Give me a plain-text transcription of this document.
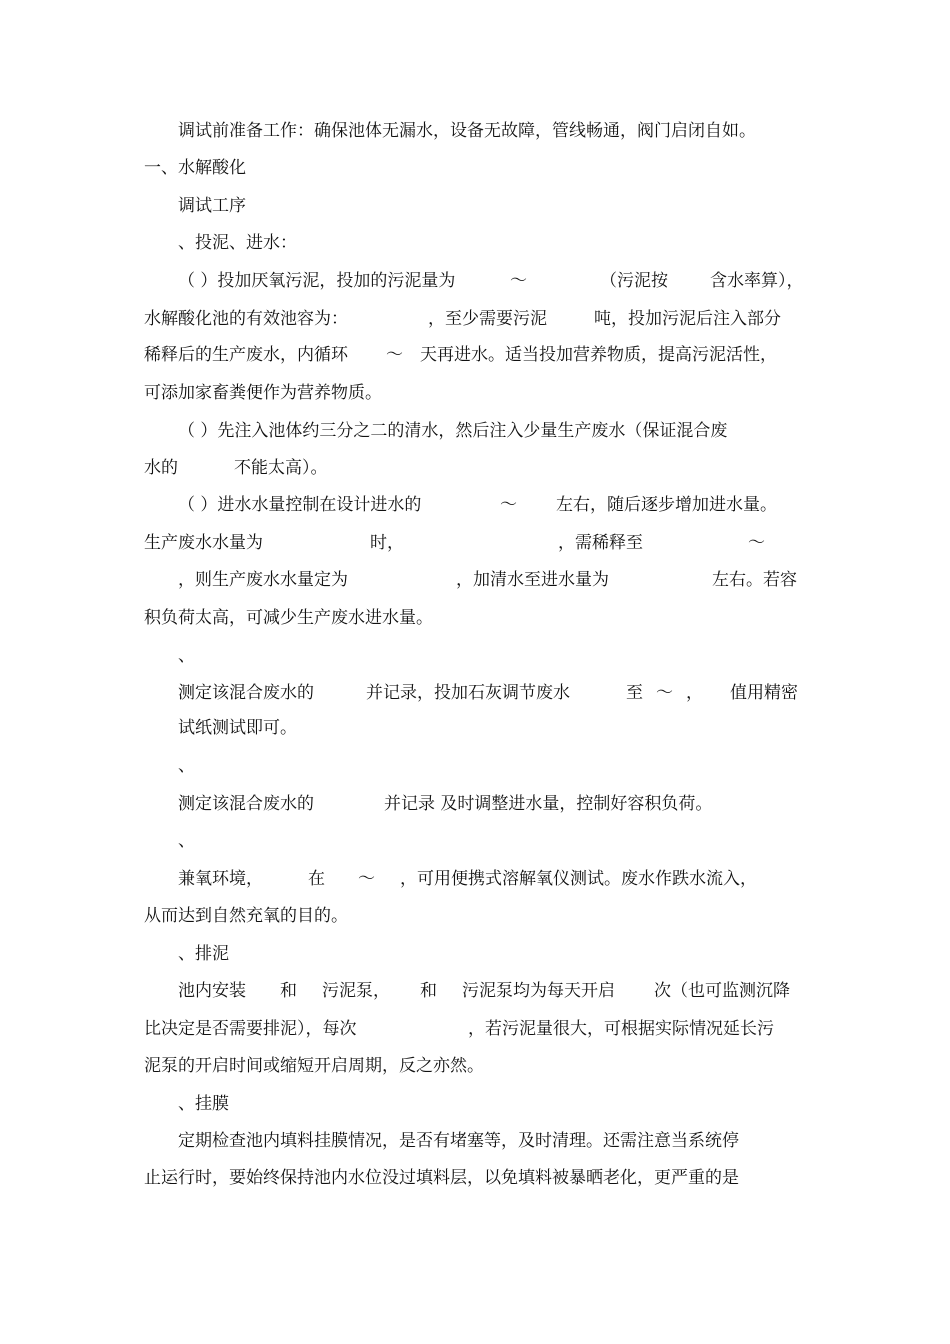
调试前准备工作：确保池体无漏水，设备无故障，管线畅通，阀门启闭自如。

一、水解酸化

调试工序

、投泥、进水：

（ ）投加厌氧污泥，投加的污泥量为

	～

	（污泥按

含水率算），

水解酸化池的有效池容为：

	，至少需要污泥

	吨，投加污泥后注入部分

稀释后的生产废水，内循环

～

天再进水。适当投加营养物质，提高污泥活性，

可添加家畜粪便作为营养物质。

（ ）先注入池体约三分之二的清水，然后注入少量生产废水（保证混合废

水的

	不能太高）。

（ ）进水水量控制在设计进水的

	～

左右，随后逐步增加进水量。

生产废水水量为

	时，

	，需稀释至

	～

，则生产废水水量定为

	，加清水至进水量为

	左右。若容

积负荷太高，可减少生产废水进水量。

、

测定该混合废水的

	并记录，投加石灰调节废水

	至

～

，

值用精密

试纸测试即可。

、

测定该混合废水的

	并记录 及时调整进水量，控制好容积负荷。

、

兼氧环境，

	在

～

，可用便携式溶解氧仪测试。废水作跌水流入，

从而达到自然充氧的目的。

、排泥

池内安装

和

污泥泵，

和

污泥泵均为每天开启

次（也可监测沉降

比决定是否需要排泥），每次

	，若污泥量很大，可根据实际情况延长污

泥泵的开启时间或缩短开启周期，反之亦然。

、挂膜

定期检查池内填料挂膜情况，是否有堵塞等，及时清理。还需注意当系统停

止运行时，要始终保持池内水位没过填料层，以免填料被暴晒老化，更严重的是
